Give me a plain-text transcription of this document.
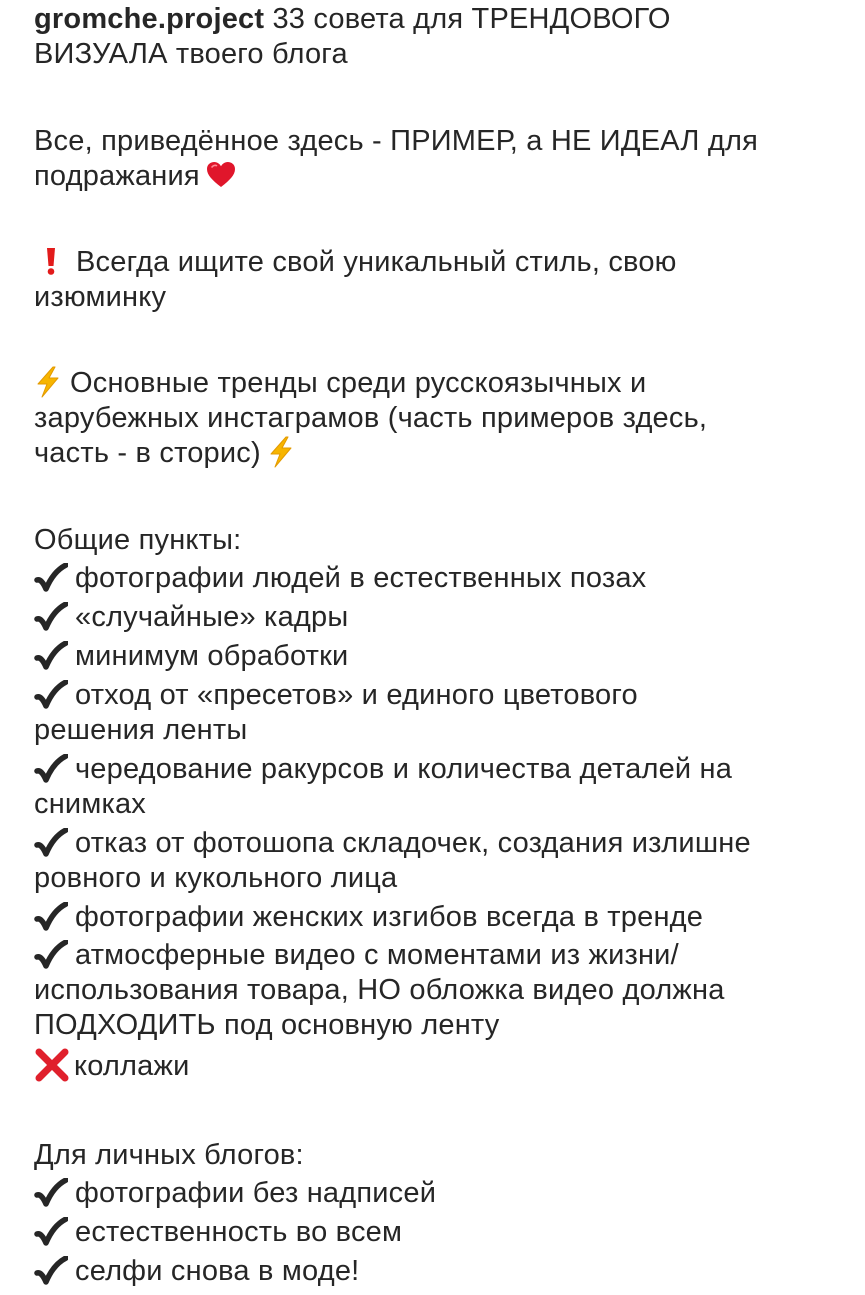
gromche.project 33 совета для ТРЕНДОВОГО
ВИЗУАЛА твоего блога
Все, приведённое здесь - ПРИМЕР, а НЕ ИДЕАЛ для
подражания
Всегда ищите свой уникальный стиль, свою
изюминку
Основные тренды среди русскоязычных и
зарубежных инстаграмов (часть примеров здесь,
часть - в сторис)
Общие пункты:
фотографии людей в естественных позах
«случайные» кадры
минимум обработки
отход от «пресетов» и единого цветового
решения ленты
чередование ракурсов и количества деталей на
снимках
отказ от фотошопа складочек, создания излишне
ровного и кукольного лица
фотографии женских изгибов всегда в тренде
атмосферные видео с моментами из жизни/
использования товара, НО обложка видео должна
ПОДХОДИТЬ под основную ленту
коллажи
Для личных блогов:
фотографии без надписей
естественность во всем
селфи снова в моде!
